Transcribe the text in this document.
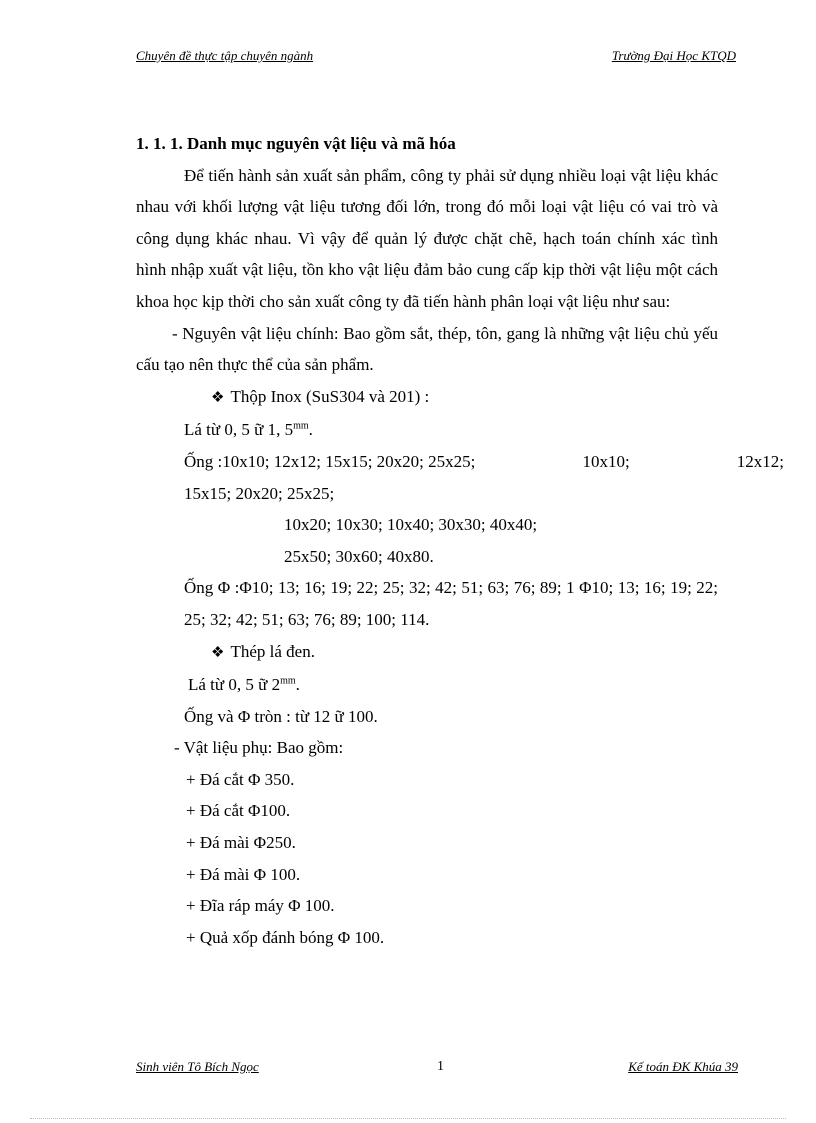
Chuyên đề thực tập chuyên ngành	Trường Đại Học KTQD

1. 1. 1. Danh mục nguyên vật liệu và mã hóa

Để tiến hành sản xuất sản phẩm, công ty phải sử dụng nhiều loại vật liệu khác nhau với khối lượng vật liệu tương đối lớn, trong đó mỗi loại vật liệu có vai trò và công dụng khác nhau. Vì vậy để quản lý được chặt chẽ, hạch toán chính xác tình hình nhập xuất vật liệu, tồn kho vật liệu đảm bảo cung cấp kịp thời vật liệu một cách khoa học kịp thời cho sản xuất công ty đã tiến hành phân loại vật liệu như sau:

- Nguyên vật liệu chính: Bao gồm sắt, thép, tôn, gang là những vật liệu chủ yếu cấu tạo nên thực thể của sản phẩm.

❖ Thộp Inox (SuS304 và 201) :

Lá từ 0, 5 ữ 1, $5^{mm}$.

Ống :10x10; 12x12; 15x15; 20x20; 25x25;	10x10;	12x12;

15x15; 20x20; 25x25;

10x20; 10x30; 10x40; 30x30; 40x40;

25x50; 30x60; 40x80.

Ống Φ :Φ10; 13; 16; 19; 22; 25; 32; 42; 51; 63; 76; 89; 1 Φ10; 13; 16; 19; 22; 25; 32; 42; 51; 63; 76; 89; 100; 114.

❖ Thép lá đen.

Lá từ 0, 5 ữ $2^{mm}$.

Ống và Φ tròn : từ 12 ữ 100.

- Vật liệu phụ: Bao gồm:

+ Đá cắt Φ 350.

+ Đá cắt Φ100.

+ Đá mài Φ250.

+ Đá mài Φ 100.

+ Đĩa ráp máy Φ 100.

+ Quả xốp đánh bóng Φ 100.

Sinh viên Tô Bích Ngọc	1	Kế toán ĐK Khúa 39
